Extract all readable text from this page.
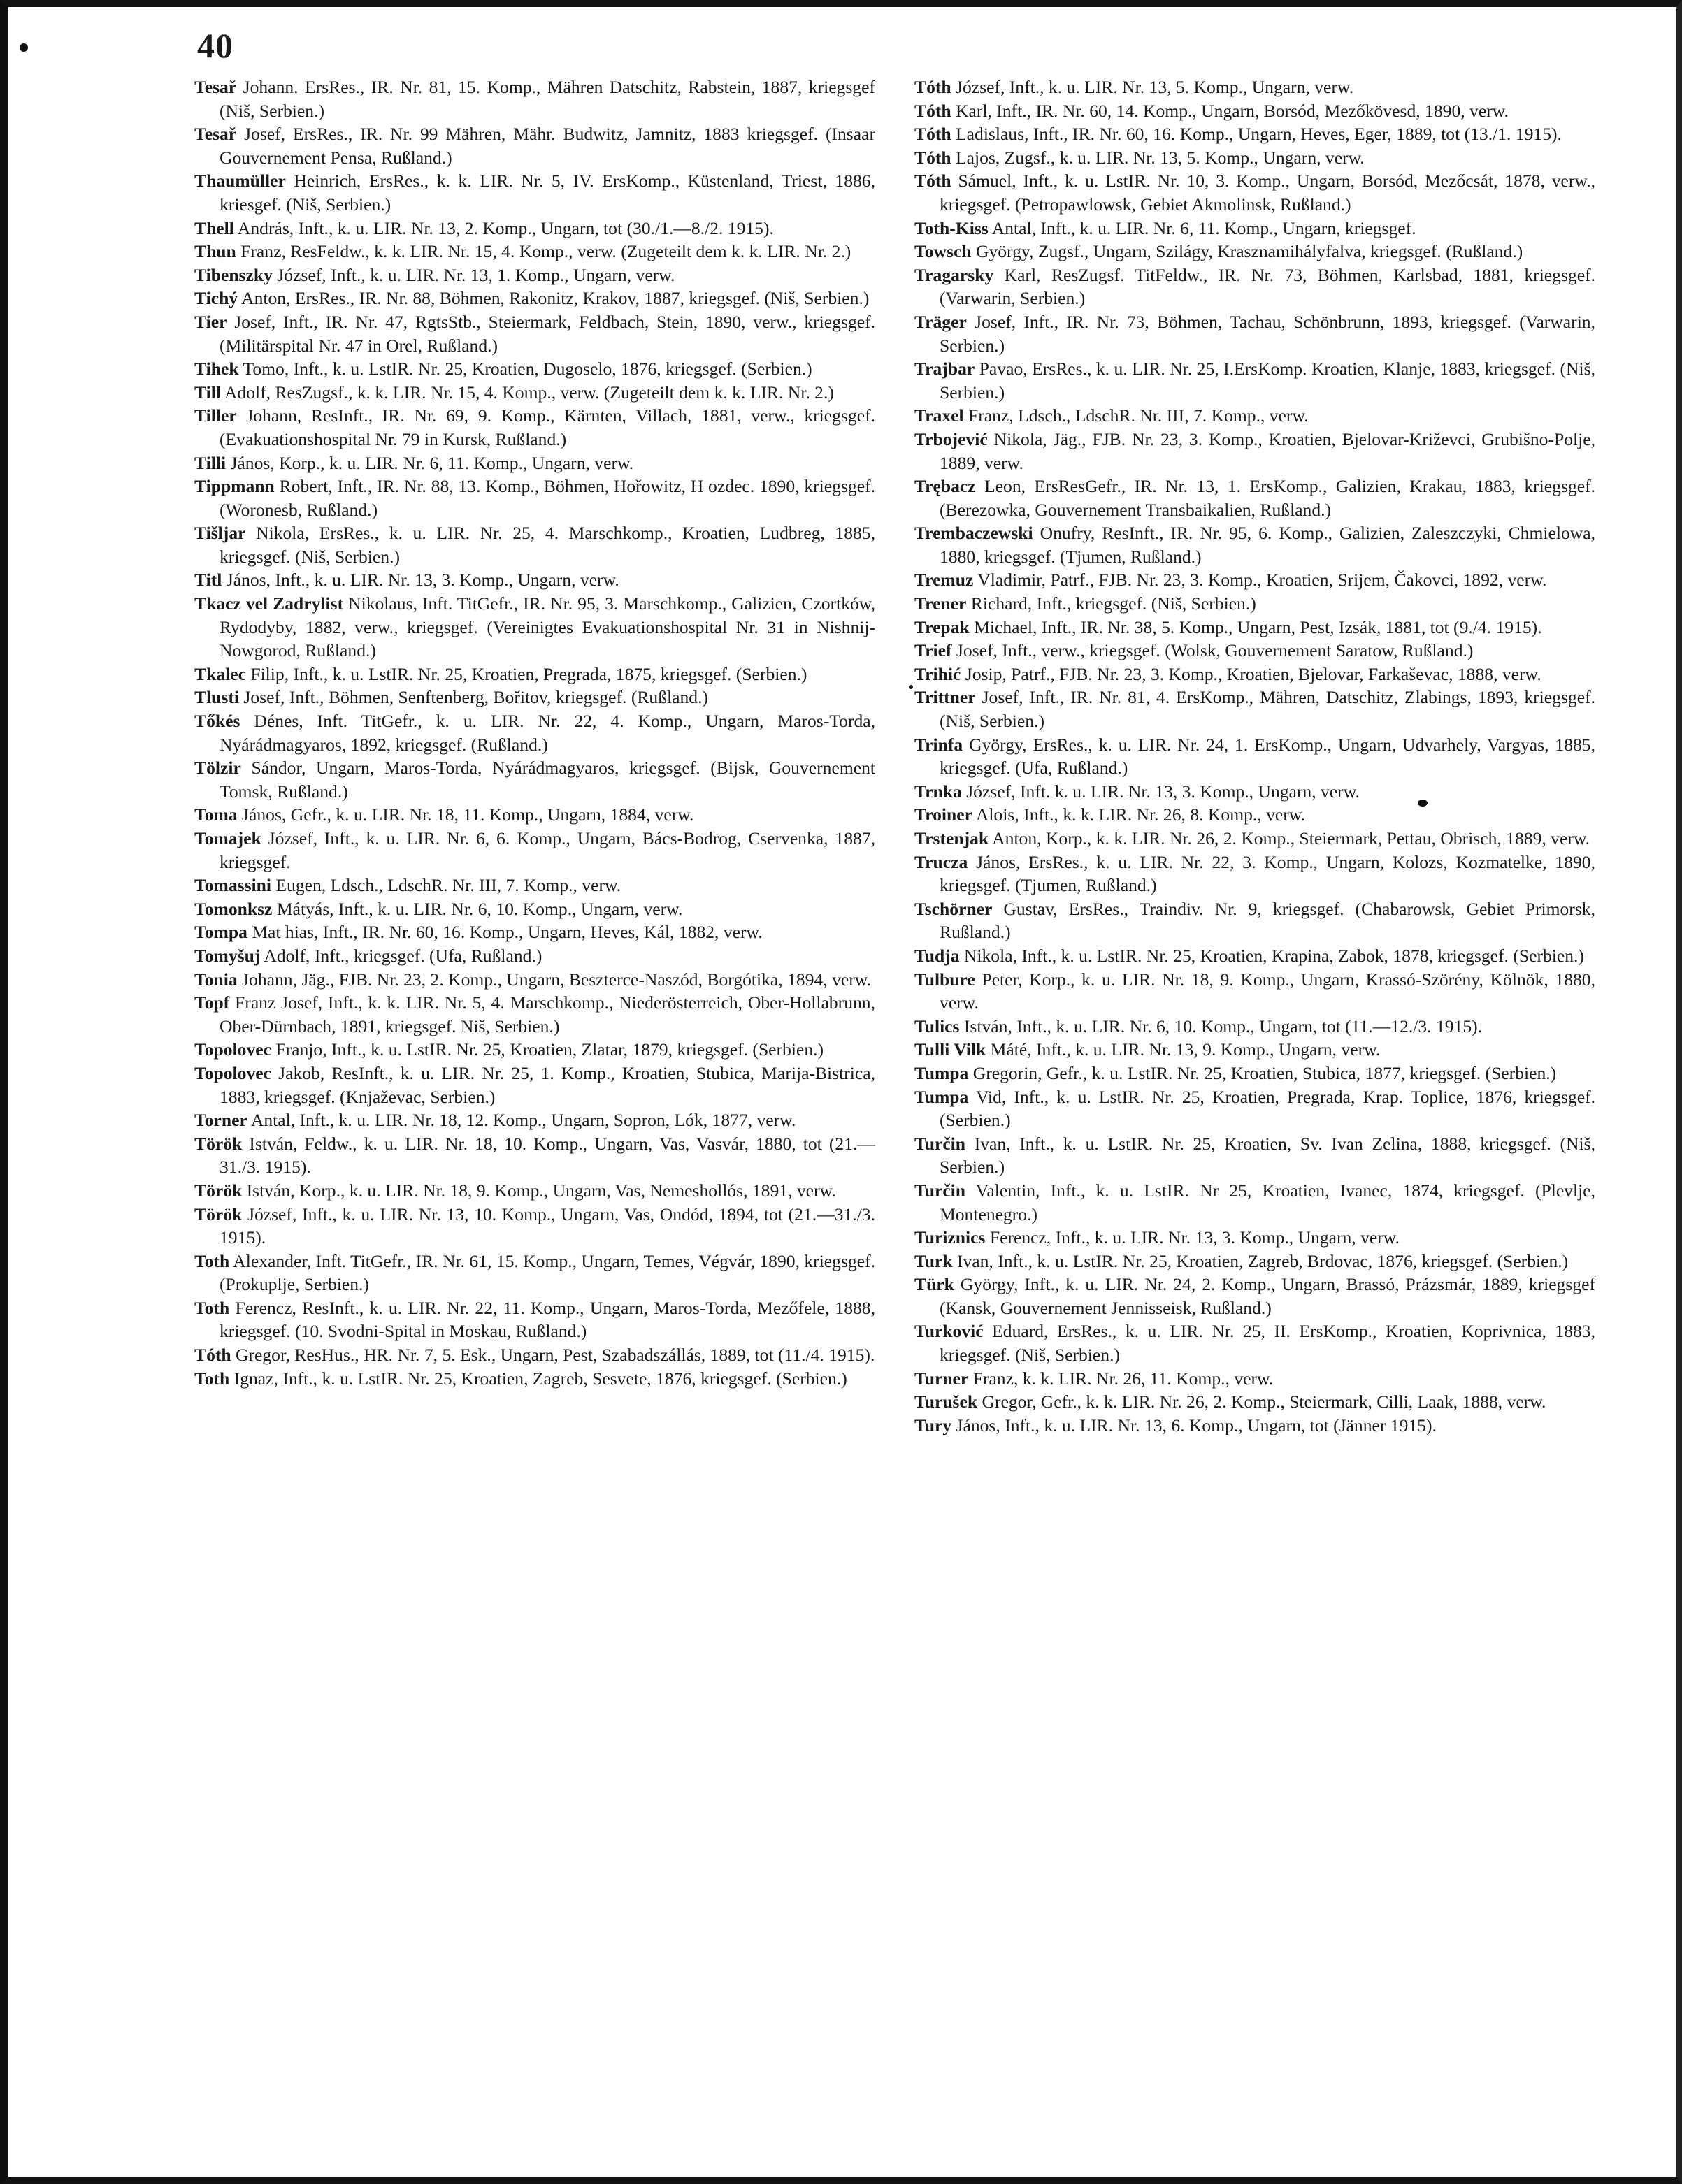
40

Tesař Johann. ErsRes., IR. Nr. 81, 15. Komp., Mähren Datschitz, Rabstein, 1887, kriegsgef (Niš, Serbien.)

Tesař Josef, ErsRes., IR. Nr. 99 Mähren, Mähr. Budwitz, Jamnitz, 1883 kriegsgef. (Insaar Gouvernement Pensa, Rußland.)

Thaumüller Heinrich, ErsRes., k. k. LIR. Nr. 5, IV. ErsKomp., Küstenland, Triest, 1886, kriesgef. (Niš, Serbien.)

Thell András, Inft., k. u. LIR. Nr. 13, 2. Komp., Ungarn, tot (30./1.—8./2. 1915).

Thun Franz, ResFeldw., k. k. LIR. Nr. 15, 4. Komp., verw. (Zugeteilt dem k. k. LIR. Nr. 2.)

Tibenszky József, Inft., k. u. LIR. Nr. 13, 1. Komp., Ungarn, verw.

Tichý Anton, ErsRes., IR. Nr. 88, Böhmen, Rakonitz, Krakov, 1887, kriegsgef. (Niš, Serbien.)

Tier Josef, Inft., IR. Nr. 47, RgtsStb., Steiermark, Feldbach, Stein, 1890, verw., kriegsgef. (Militärspital Nr. 47 in Orel, Rußland.)

Tihek Tomo, Inft., k. u. LstIR. Nr. 25, Kroatien, Dugoselo, 1876, kriegsgef. (Serbien.)

Till Adolf, ResZugsf., k. k. LIR. Nr. 15, 4. Komp., verw. (Zugeteilt dem k. k. LIR. Nr. 2.)

Tiller Johann, ResInft., IR. Nr. 69, 9. Komp., Kärnten, Villach, 1881, verw., kriegsgef. (Evakuationshospital Nr. 79 in Kursk, Rußland.)

Tilli János, Korp., k. u. LIR. Nr. 6, 11. Komp., Ungarn, verw.

Tippmann Robert, Inft., IR. Nr. 88, 13. Komp., Böhmen, Hořowitz, H ozdec. 1890, kriegsgef. (Woronesb, Rußland.)

Tišljar Nikola, ErsRes., k. u. LIR. Nr. 25, 4. Marschkomp., Kroatien, Ludbreg, 1885, kriegsgef. (Niš, Serbien.)

Titl János, Inft., k. u. LIR. Nr. 13, 3. Komp., Ungarn, verw.

Tkacz vel Zadrylist Nikolaus, Inft. TitGefr., IR. Nr. 95, 3. Marschkomp., Galizien, Czortków, Rydodyby, 1882, verw., kriegsgef. (Vereinigtes Evakuationshospital Nr. 31 in Nishnij-Nowgorod, Rußland.)

Tkalec Filip, Inft., k. u. LstIR. Nr. 25, Kroatien, Pregrada, 1875, kriegsgef. (Serbien.)

Tlusti Josef, Inft., Böhmen, Senftenberg, Bořitov, kriegsgef. (Rußland.)

Tőkés Dénes, Inft. TitGefr., k. u. LIR. Nr. 22, 4. Komp., Ungarn, Maros-Torda, Nyárádmagyaros, 1892, kriegsgef. (Rußland.)

Tölzir Sándor, Ungarn, Maros-Torda, Nyárádmagyaros, kriegsgef. (Bijsk, Gouvernement Tomsk, Rußland.)

Toma János, Gefr., k. u. LIR. Nr. 18, 11. Komp., Ungarn, 1884, verw.

Tomajek József, Inft., k. u. LIR. Nr. 6, 6. Komp., Ungarn, Bács-Bodrog, Cservenka, 1887, kriegsgef.

Tomassini Eugen, Ldsch., LdschR. Nr. III, 7. Komp., verw.

Tomonksz Mátyás, Inft., k. u. LIR. Nr. 6, 10. Komp., Ungarn, verw.

Tompa Mat hias, Inft., IR. Nr. 60, 16. Komp., Ungarn, Heves, Kál, 1882, verw.

Tomyšuj Adolf, Inft., kriegsgef. (Ufa, Rußland.)

Tonia Johann, Jäg., FJB. Nr. 23, 2. Komp., Ungarn, Beszterce-Naszód, Borgótika, 1894, verw.

Topf Franz Josef, Inft., k. k. LIR. Nr. 5, 4. Marschkomp., Niederösterreich, Ober-Hollabrunn, Ober-Dürnbach, 1891, kriegsgef. Niš, Serbien.)

Topolovec Franjo, Inft., k. u. LstIR. Nr. 25, Kroatien, Zlatar, 1879, kriegsgef. (Serbien.)

Topolovec Jakob, ResInft., k. u. LIR. Nr. 25, 1. Komp., Kroatien, Stubica, Marija-Bistrica, 1883, kriegsgef. (Knjaževac, Serbien.)

Torner Antal, Inft., k. u. LIR. Nr. 18, 12. Komp., Ungarn, Sopron, Lók, 1877, verw.

Török István, Feldw., k. u. LIR. Nr. 18, 10. Komp., Ungarn, Vas, Vasvár, 1880, tot (21.—31./3. 1915).

Török István, Korp., k. u. LIR. Nr. 18, 9. Komp., Ungarn, Vas, Nemeshollós, 1891, verw.

Török József, Inft., k. u. LIR. Nr. 13, 10. Komp., Ungarn, Vas, Ondód, 1894, tot (21.—31./3. 1915).

Toth Alexander, Inft. TitGefr., IR. Nr. 61, 15. Komp., Ungarn, Temes, Végvár, 1890, kriegsgef. (Prokuplje, Serbien.)

Toth Ferencz, ResInft., k. u. LIR. Nr. 22, 11. Komp., Ungarn, Maros-Torda, Mezőfele, 1888, kriegsgef. (10. Svodni-Spital in Moskau, Rußland.)

Tóth Gregor, ResHus., HR. Nr. 7, 5. Esk., Ungarn, Pest, Szabadszállás, 1889, tot (11./4. 1915).

Toth Ignaz, Inft., k. u. LstIR. Nr. 25, Kroatien, Zagreb, Sesvete, 1876, kriegsgef. (Serbien.)

Tóth József, Inft., k. u. LIR. Nr. 13, 5. Komp., Ungarn, verw.

Tóth Karl, Inft., IR. Nr. 60, 14. Komp., Ungarn, Borsód, Mezőkövesd, 1890, verw.

Tóth Ladislaus, Inft., IR. Nr. 60, 16. Komp., Ungarn, Heves, Eger, 1889, tot (13./1. 1915).

Tóth Lajos, Zugsf., k. u. LIR. Nr. 13, 5. Komp., Ungarn, verw.

Tóth Sámuel, Inft., k. u. LstIR. Nr. 10, 3. Komp., Ungarn, Borsód, Mezőcsát, 1878, verw., kriegsgef. (Petropawlowsk, Gebiet Akmolinsk, Rußland.)

Toth-Kiss Antal, Inft., k. u. LIR. Nr. 6, 11. Komp., Ungarn, kriegsgef.

Towsch György, Zugsf., Ungarn, Szilágy, Krasznamihályfalva, kriegsgef. (Rußland.)

Tragarsky Karl, ResZugsf. TitFeldw., IR. Nr. 73, Böhmen, Karlsbad, 1881, kriegsgef. (Varwarin, Serbien.)

Träger Josef, Inft., IR. Nr. 73, Böhmen, Tachau, Schönbrunn, 1893, kriegsgef. (Varwarin, Serbien.)

Trajbar Pavao, ErsRes., k. u. LIR. Nr. 25, I.ErsKomp. Kroatien, Klanje, 1883, kriegsgef. (Niš, Serbien.)

Traxel Franz, Ldsch., LdschR. Nr. III, 7. Komp., verw.

Trbojević Nikola, Jäg., FJB. Nr. 23, 3. Komp., Kroatien, Bjelovar-Križevci, Grubišno-Polje, 1889, verw.

Trębacz Leon, ErsResGefr., IR. Nr. 13, 1. ErsKomp., Galizien, Krakau, 1883, kriegsgef. (Berezowka, Gouvernement Transbaikalien, Rußland.)

Trembaczewski Onufry, ResInft., IR. Nr. 95, 6. Komp., Galizien, Zaleszczyki, Chmielowa, 1880, kriegsgef. (Tjumen, Rußland.)

Tremuz Vladimir, Patrf., FJB. Nr. 23, 3. Komp., Kroatien, Srijem, Čakovci, 1892, verw.

Trener Richard, Inft., kriegsgef. (Niš, Serbien.)

Trepak Michael, Inft., IR. Nr. 38, 5. Komp., Ungarn, Pest, Izsák, 1881, tot (9./4. 1915).

Trief Josef, Inft., verw., kriegsgef. (Wolsk, Gouvernement Saratow, Rußland.)

Trihić Josip, Patrf., FJB. Nr. 23, 3. Komp., Kroatien, Bjelovar, Farkaševac, 1888, verw.

Trittner Josef, Inft., IR. Nr. 81, 4. ErsKomp., Mähren, Datschitz, Zlabings, 1893, kriegsgef. (Niš, Serbien.)

Trinfa György, ErsRes., k. u. LIR. Nr. 24, 1. ErsKomp., Ungarn, Udvarhely, Vargyas, 1885, kriegsgef. (Ufa, Rußland.)

Trnka József, Inft. k. u. LIR. Nr. 13, 3. Komp., Ungarn, verw.

Troiner Alois, Inft., k. k. LIR. Nr. 26, 8. Komp., verw.

Trstenjak Anton, Korp., k. k. LIR. Nr. 26, 2. Komp., Steiermark, Pettau, Obrisch, 1889, verw.

Trucza János, ErsRes., k. u. LIR. Nr. 22, 3. Komp., Ungarn, Kolozs, Kozmatelke, 1890, kriegsgef. (Tjumen, Rußland.)

Tschörner Gustav, ErsRes., Traindiv. Nr. 9, kriegsgef. (Chabarowsk, Gebiet Primorsk, Rußland.)

Tudja Nikola, Inft., k. u. LstIR. Nr. 25, Kroatien, Krapina, Zabok, 1878, kriegsgef. (Serbien.)

Tulbure Peter, Korp., k. u. LIR. Nr. 18, 9. Komp., Ungarn, Krassó-Szörény, Kölnök, 1880, verw.

Tulics István, Inft., k. u. LIR. Nr. 6, 10. Komp., Ungarn, tot (11.—12./3. 1915).

Tulli Vilk Máté, Inft., k. u. LIR. Nr. 13, 9. Komp., Ungarn, verw.

Tumpa Gregorin, Gefr., k. u. LstIR. Nr. 25, Kroatien, Stubica, 1877, kriegsgef. (Serbien.)

Tumpa Vid, Inft., k. u. LstIR. Nr. 25, Kroatien, Pregrada, Krap. Toplice, 1876, kriegsgef. (Serbien.)

Turčin Ivan, Inft., k. u. LstIR. Nr. 25, Kroatien, Sv. Ivan Zelina, 1888, kriegsgef. (Niš, Serbien.)

Turčin Valentin, Inft., k. u. LstIR. Nr 25, Kroatien, Ivanec, 1874, kriegsgef. (Plevlje, Montenegro.)

Turiznics Ferencz, Inft., k. u. LIR. Nr. 13, 3. Komp., Ungarn, verw.

Turk Ivan, Inft., k. u. LstIR. Nr. 25, Kroatien, Zagreb, Brdovac, 1876, kriegsgef. (Serbien.)

Türk György, Inft., k. u. LIR. Nr. 24, 2. Komp., Ungarn, Brassó, Prázsmár, 1889, kriegsgef (Kansk, Gouvernement Jennisseisk, Rußland.)

Turković Eduard, ErsRes., k. u. LIR. Nr. 25, II. ErsKomp., Kroatien, Koprivnica, 1883, kriegsgef. (Niš, Serbien.)

Turner Franz, k. k. LIR. Nr. 26, 11. Komp., verw.

Turušek Gregor, Gefr., k. k. LIR. Nr. 26, 2. Komp., Steiermark, Cilli, Laak, 1888, verw.

Tury János, Inft., k. u. LIR. Nr. 13, 6. Komp., Ungarn, tot (Jänner 1915).
